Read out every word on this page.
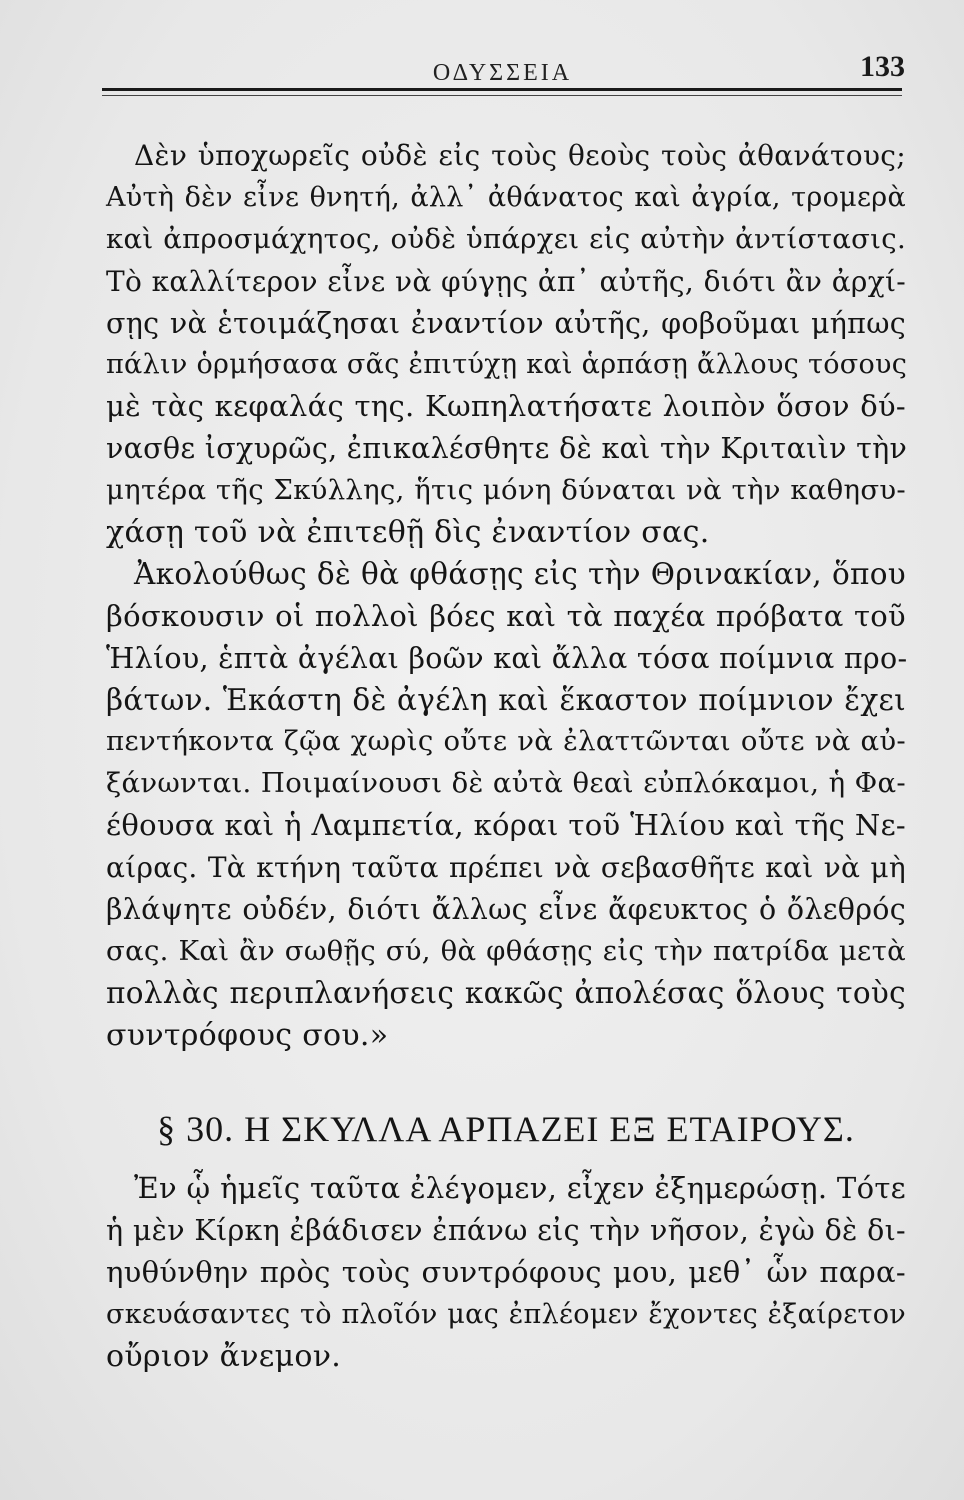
ΟΔΥΣΣΕΙΑ	133
Δὲν ὑποχωρεῖς οὐδὲ εἰς τοὺς θεοὺς τοὺς ἀθανάτους;
Αὐτὴ δὲν εἶνε θνητή, ἀλλ᾽ ἀθάνατος καὶ ἀγρία, τρομερὰ
καὶ ἀπροσμάχητος, οὐδὲ ὑπάρχει εἰς αὐτὴν ἀντίστασις.
Τὸ καλλίτερον εἶνε νὰ φύγῃς ἀπ᾽ αὐτῆς, διότι ἂν ἀρχί-
σῃς νὰ ἑτοιμάζησαι ἐναντίον αὐτῆς, φοβοῦμαι μήπως
πάλιν ὁρμήσασα σᾶς ἐπιτύχῃ καὶ ἁρπάσῃ ἄλλους τόσους
μὲ τὰς κεφαλάς της. Κωπηλατήσατε λοιπὸν ὅσον δύ-
νασθε ἰσχυρῶς, ἐπικαλέσθητε δὲ καὶ τὴν Κριταιὶν τὴν
μητέρα τῆς Σκύλλης, ἥτις μόνη δύναται νὰ τὴν καθησυ-
χάσῃ τοῦ νὰ ἐπιτεθῇ δὶς ἐναντίον σας.
Ἀκολούθως δὲ θὰ φθάσῃς εἰς τὴν Θρινακίαν, ὅπου
βόσκουσιν οἱ πολλοὶ βόες καὶ τὰ παχέα πρόβατα τοῦ
Ἡλίου, ἑπτὰ ἀγέλαι βοῶν καὶ ἄλλα τόσα ποίμνια προ-
βάτων. Ἑκάστη δὲ ἀγέλη καὶ ἕκαστον ποίμνιον ἔχει
πεντήκοντα ζῷα χωρὶς οὔτε νὰ ἐλαττῶνται οὔτε νὰ αὐ-
ξάνωνται. Ποιμαίνουσι δὲ αὐτὰ θεαὶ εὐπλόκαμοι, ἡ Φα-
έθουσα καὶ ἡ Λαμπετία, κόραι τοῦ Ἡλίου καὶ τῆς Νε-
αίρας. Τὰ κτήνη ταῦτα πρέπει νὰ σεβασθῆτε καὶ νὰ μὴ
βλάψητε οὐδέν, διότι ἄλλως εἶνε ἄφευκτος ὁ ὄλεθρός
σας. Καὶ ἂν σωθῇς σύ, θὰ φθάσῃς εἰς τὴν πατρίδα μετὰ
πολλὰς περιπλανήσεις κακῶς ἀπολέσας ὅλους τοὺς
συντρόφους σου.»
§ 30. Η ΣΚΥΛΛΑ ΑΡΠΑΖΕΙ ΕΞ ΕΤΑΙΡΟΥΣ.
Ἐν ᾧ ἡμεῖς ταῦτα ἐλέγομεν, εἶχεν ἐξημερώσῃ. Τότε
ἡ μὲν Κίρκη ἐβάδισεν ἐπάνω εἰς τὴν νῆσον, ἐγὼ δὲ δι-
ηυθύνθην πρὸς τοὺς συντρόφους μου, μεθ᾽ ὧν παρα-
σκευάσαντες τὸ πλοῖόν μας ἐπλέομεν ἔχοντες ἐξαίρετον
οὔριον ἄνεμον.
